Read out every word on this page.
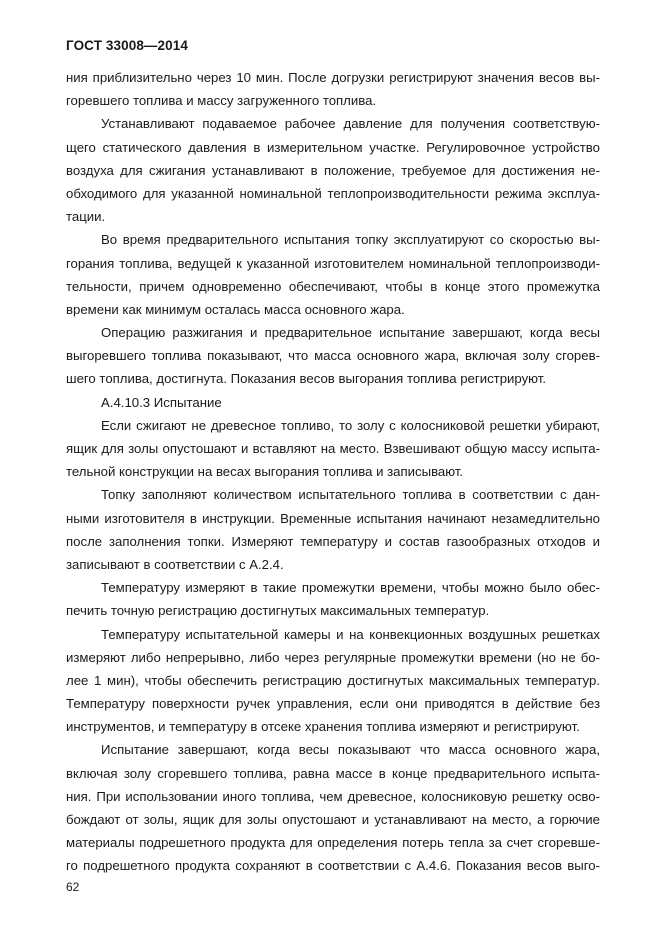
ГОСТ 33008—2014
ния приблизительно через 10 мин. После догрузки регистрируют значения весов вы-
горевшего топлива и массу загруженного топлива.
Устанавливают подаваемое рабочее давление для получения соответствую-
щего статического давления в измерительном участке. Регулировочное устройство
воздуха для сжигания устанавливают в положение, требуемое для достижения не-
обходимого для указанной номинальной теплопроизводительности режима эксплуа-
тации.
Во время предварительного испытания топку эксплуатируют со скоростью вы-
горания топлива, ведущей к указанной изготовителем номинальной теплопроизводи-
тельности, причем одновременно обеспечивают, чтобы в конце этого промежутка
времени как минимум осталась масса основного жара.
Операцию разжигания и предварительное испытание завершают, когда весы
выгоревшего топлива показывают, что масса основного жара, включая золу сгорев-
шего топлива, достигнута. Показания весов выгорания топлива регистрируют.
А.4.10.3 Испытание
Если сжигают не древесное топливо, то золу с колосниковой решетки убирают,
ящик для золы опустошают и вставляют на место. Взвешивают общую массу испыта-
тельной конструкции на весах выгорания топлива и записывают.
Топку заполняют количеством испытательного топлива в соответствии с дан-
ными изготовителя в инструкции. Временные испытания начинают незамедлительно
после заполнения топки. Измеряют температуру и состав газообразных отходов и
записывают в соответствии с А.2.4.
Температуру измеряют в такие промежутки времени, чтобы можно было обес-
печить точную регистрацию достигнутых максимальных температур.
Температуру испытательной камеры и на конвекционных воздушных решетках
измеряют либо непрерывно, либо через регулярные промежутки времени (но не бо-
лее 1 мин), чтобы обеспечить регистрацию достигнутых максимальных температур.
Температуру поверхности ручек управления, если они приводятся в действие без
инструментов, и температуру в отсеке хранения топлива измеряют и регистрируют.
Испытание завершают, когда весы показывают что масса основного жара,
включая золу сгоревшего топлива, равна массе в конце предварительного испыта-
ния. При использовании иного топлива, чем древесное, колосниковую решетку осво-
бождают от золы, ящик для золы опустошают и устанавливают на место, а горючие
материалы подрешетного продукта для определения потерь тепла за счет сгоревше-
го подрешетного продукта сохраняют в соответствии с А.4.6. Показания весов выго-
62
